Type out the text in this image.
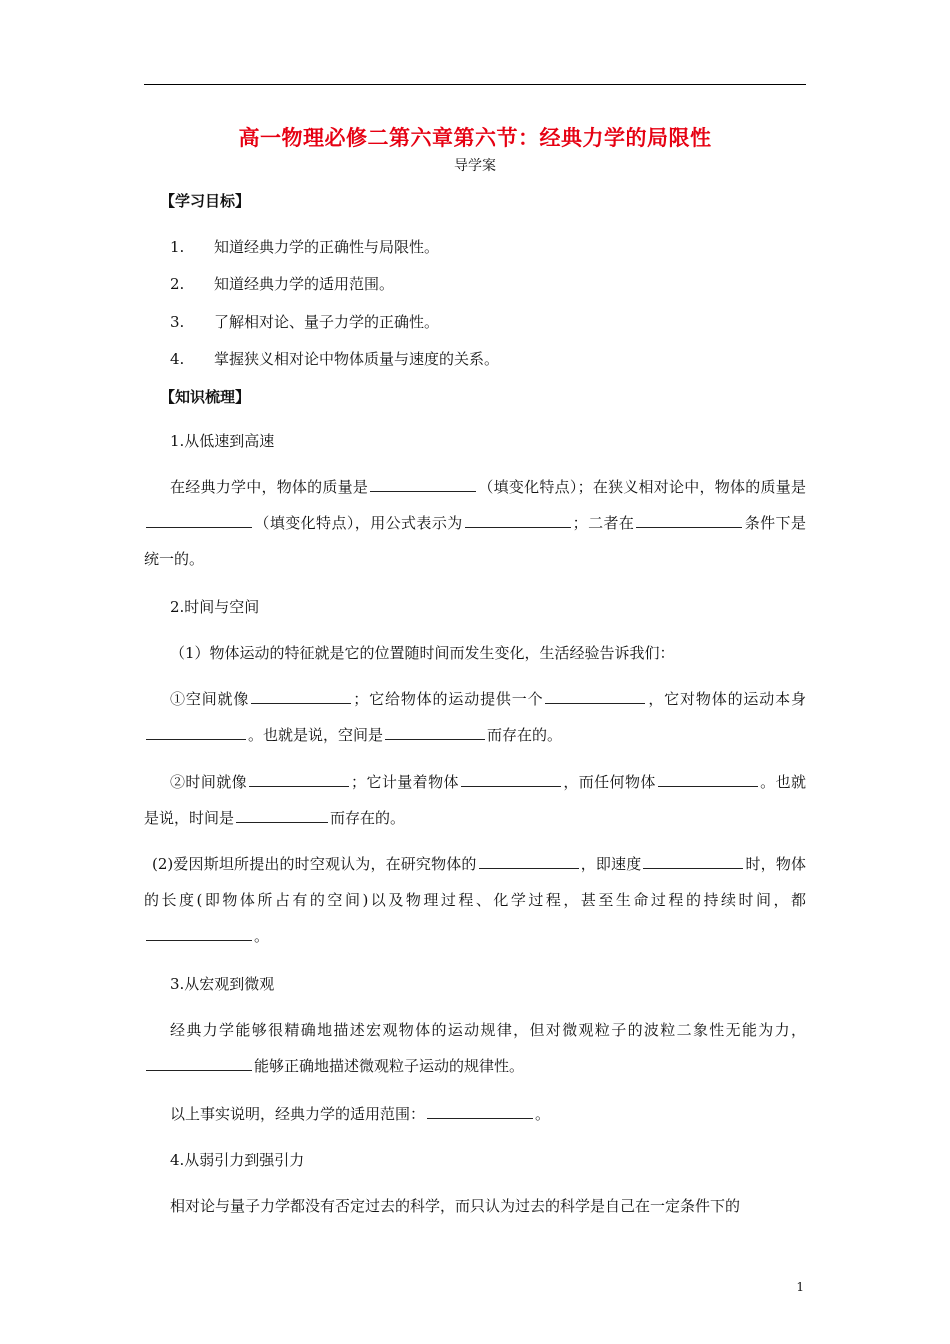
高一物理必修二第六章第六节：经典力学的局限性
导学案
【学习目标】
1. 知道经典力学的正确性与局限性。
2. 知道经典力学的适用范围。
3. 了解相对论、量子力学的正确性。
4. 掌握狭义相对论中物体质量与速度的关系。
【知识梳理】
1.从低速到高速
在经典力学中，物体的质量是	（填变化特点）；在狭义相对论中，物体的质量是（填变化特点），用公式表示为	；二者在	条件下是统一的。
2.时间与空间
（1）物体运动的特征就是它的位置随时间而发生变化，生活经验告诉我们：
①空间就像	；它给物体的运动提供一个	，它对物体的运动本身。也就是说，空间是	而存在的。
②时间就像	；它计量着物体	，而任何物体	。也就是说，时间是	而存在的。
(2)爱因斯坦所提出的时空观认为，在研究物体的	，即速度	时，物体的长度(即物体所占有的空间)以及物理过程、化学过程，甚至生命过程的持续时间，都。
3.从宏观到微观
经典力学能够很精确地描述宏观物体的运动规律，但对微观粒子的波粒二象性无能为力，能够正确地描述微观粒子运动的规律性。
以上事实说明，经典力学的适用范围：	。
4.从弱引力到强引力
相对论与量子力学都没有否定过去的科学，而只认为过去的科学是自己在一定条件下的
1
